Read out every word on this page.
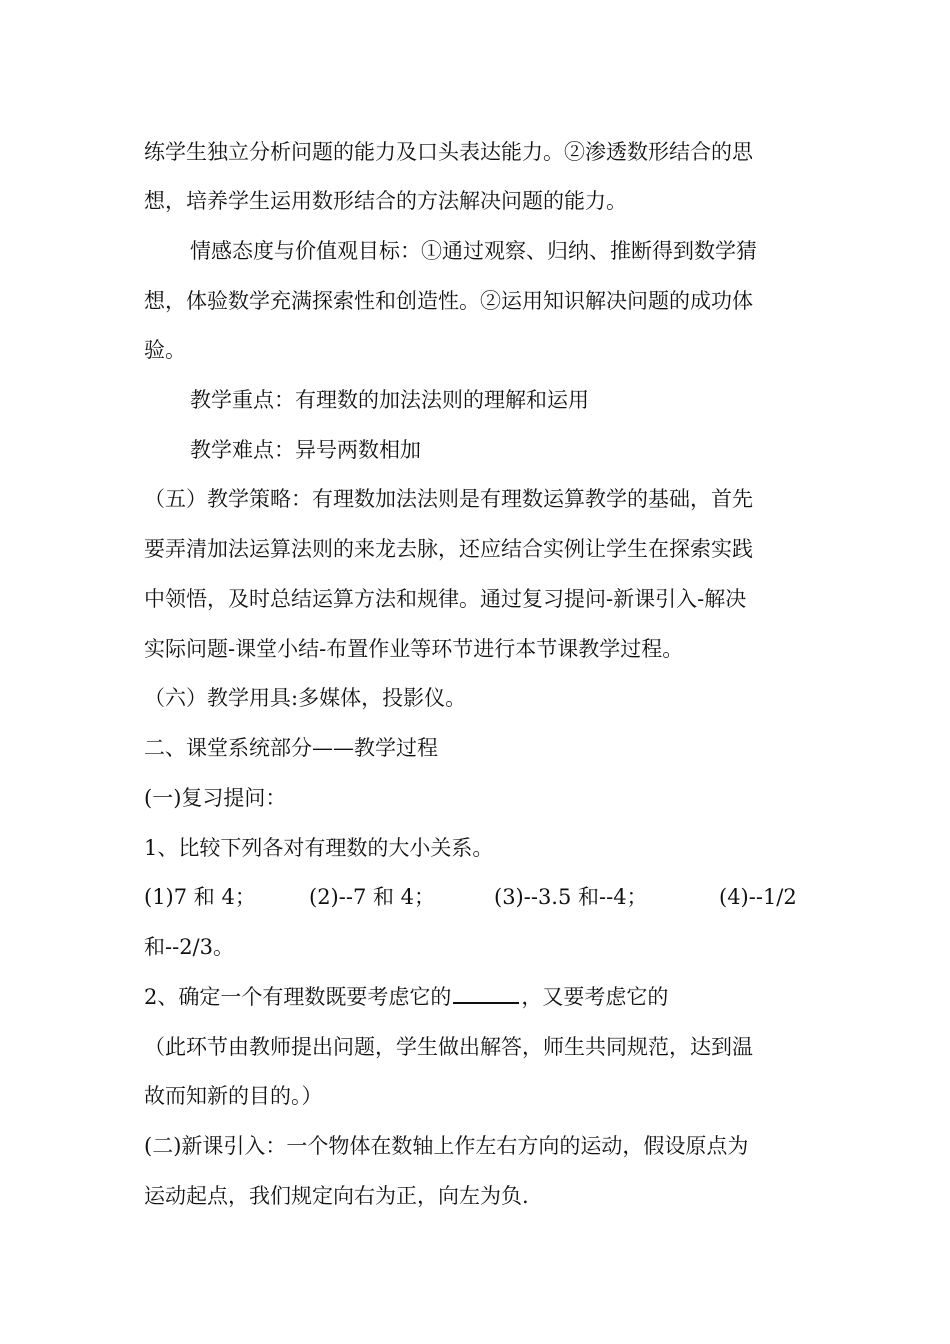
练学生独立分析问题的能力及口头表达能力。②渗透数形结合的思
想，培养学生运用数形结合的方法解决问题的能力。
情感态度与价值观目标：①通过观察、归纳、推断得到数学猜
想，体验数学充满探索性和创造性。②运用知识解决问题的成功体
验。
教学重点：有理数的加法法则的理解和运用
教学难点：异号两数相加
（五）教学策略：有理数加法法则是有理数运算教学的基础，首先
要弄清加法运算法则的来龙去脉，还应结合实例让学生在探索实践
中领悟，及时总结运算方法和规律。通过复习提问-新课引入-解决
实际问题-课堂小结-布置作业等环节进行本节课教学过程。
（六）教学用具:多媒体，投影仪。
二、课堂系统部分——教学过程
(一)复习提问：
1、比较下列各对有理数的大小关系。
(1)7 和 4；	(2)--7 和 4；	(3)--3.5 和--4；	(4)--1/2
和--2/3。
2、确定一个有理数既要考虑它的	，又要考虑它的
（此环节由教师提出问题，学生做出解答，师生共同规范，达到温
故而知新的目的。）
(二)新课引入：一个物体在数轴上作左右方向的运动，假设原点为
运动起点，我们规定向右为正，向左为负.
